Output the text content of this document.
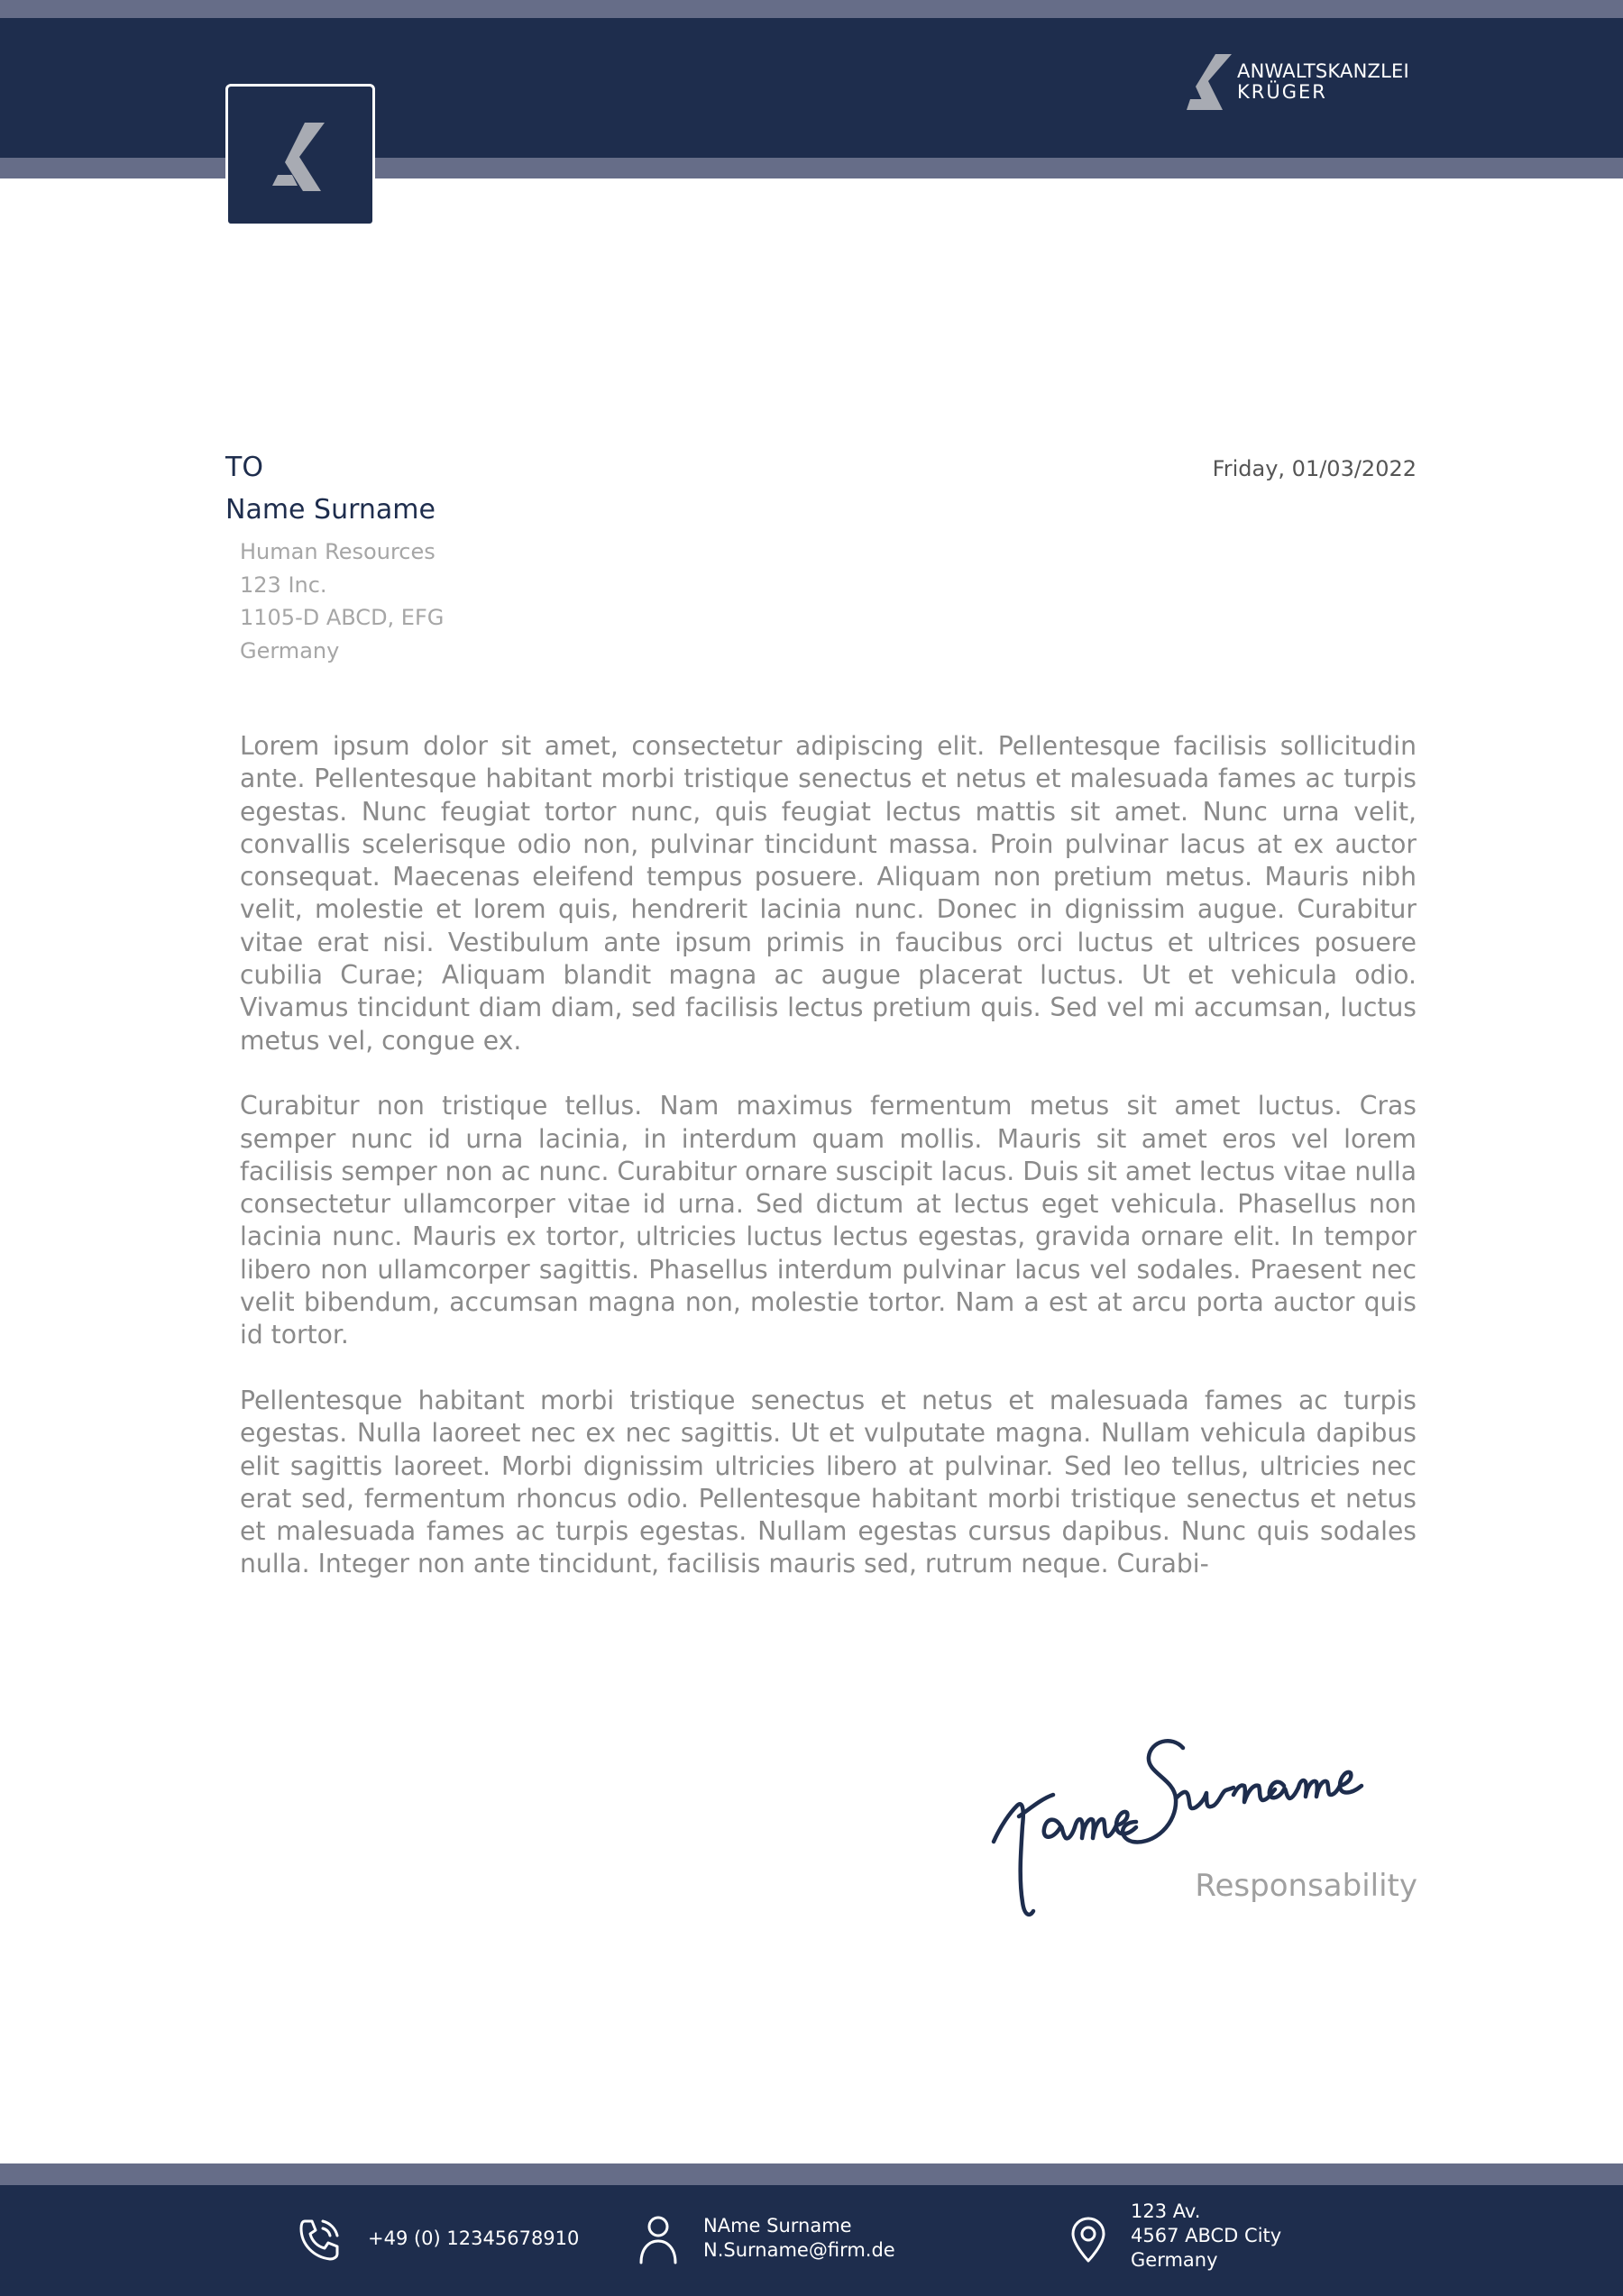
ANWALTSKANZLEI
KRÜGER
TO
Name Surname
Human Resources
123 Inc.
1105-D ABCD, EFG
Germany
Friday, 01/03/2022

Lorem ipsum dolor sit amet, consectetur adipiscing elit. Pellentesque facilisis sollicitudin ante. Pellentesque habitant morbi tristique senectus et netus et malesuada fames ac turpis egestas. Nunc feugiat tortor nunc, quis feugiat lectus mattis sit amet. Nunc urna velit, convallis scelerisque odio non, pulvinar tincidunt massa. Proin pulvinar lacus at ex auctor consequat. Maecenas eleifend tempus posuere. Aliquam non pretium metus. Mauris nibh velit, molestie et lorem quis, hendrerit lacinia nunc. Donec in dignissim augue. Curabitur vitae erat nisi. Vestibulum ante ipsum primis in faucibus orci luctus et ultrices posuere cubilia Curae; Aliquam blandit magna ac augue placerat luctus. Ut et vehicula odio. Vivamus tincidunt diam diam, sed facilisis lectus pretium quis. Sed vel mi accumsan, luctus metus vel, congue ex.

Curabitur non tristique tellus. Nam maximus fermentum metus sit amet luctus. Cras semper nunc id urna lacinia, in interdum quam mollis. Mauris sit amet eros vel lorem facilisis semper non ac nunc. Curabitur ornare suscipit lacus. Duis sit amet lectus vitae nulla consectetur ullamcorper vitae id urna. Sed dictum at lectus eget vehicula. Phasellus non lacinia nunc. Mauris ex tortor, ultricies luctus lectus egestas, gravida ornare elit. In tempor libero non ullamcorper sagittis. Phasellus interdum pulvinar lacus vel sodales. Praesent nec velit bibendum, accumsan magna non, molestie tortor. Nam a est at arcu porta auctor quis id tortor.

Pellentesque habitant morbi tristique senectus et netus et malesuada fames ac turpis egestas. Nulla laoreet nec ex nec sagittis. Ut et vulputate magna. Nullam vehicula dapibus elit sagittis laoreet. Morbi dignissim ultricies libero at pulvinar. Sed leo tellus, ultricies nec erat sed, fermentum rhoncus odio. Pellentesque habitant morbi tristique senectus et netus et malesuada fames ac turpis egestas. Nullam egestas cursus dapibus. Nunc quis sodales nulla. Integer non ante tincidunt, facilisis mauris sed, rutrum neque. Curabi-

Responsability
+49 (0) 12345678910
NAme Surname
N.Surname@firm.de
123 Av.
4567 ABCD City
Germany
